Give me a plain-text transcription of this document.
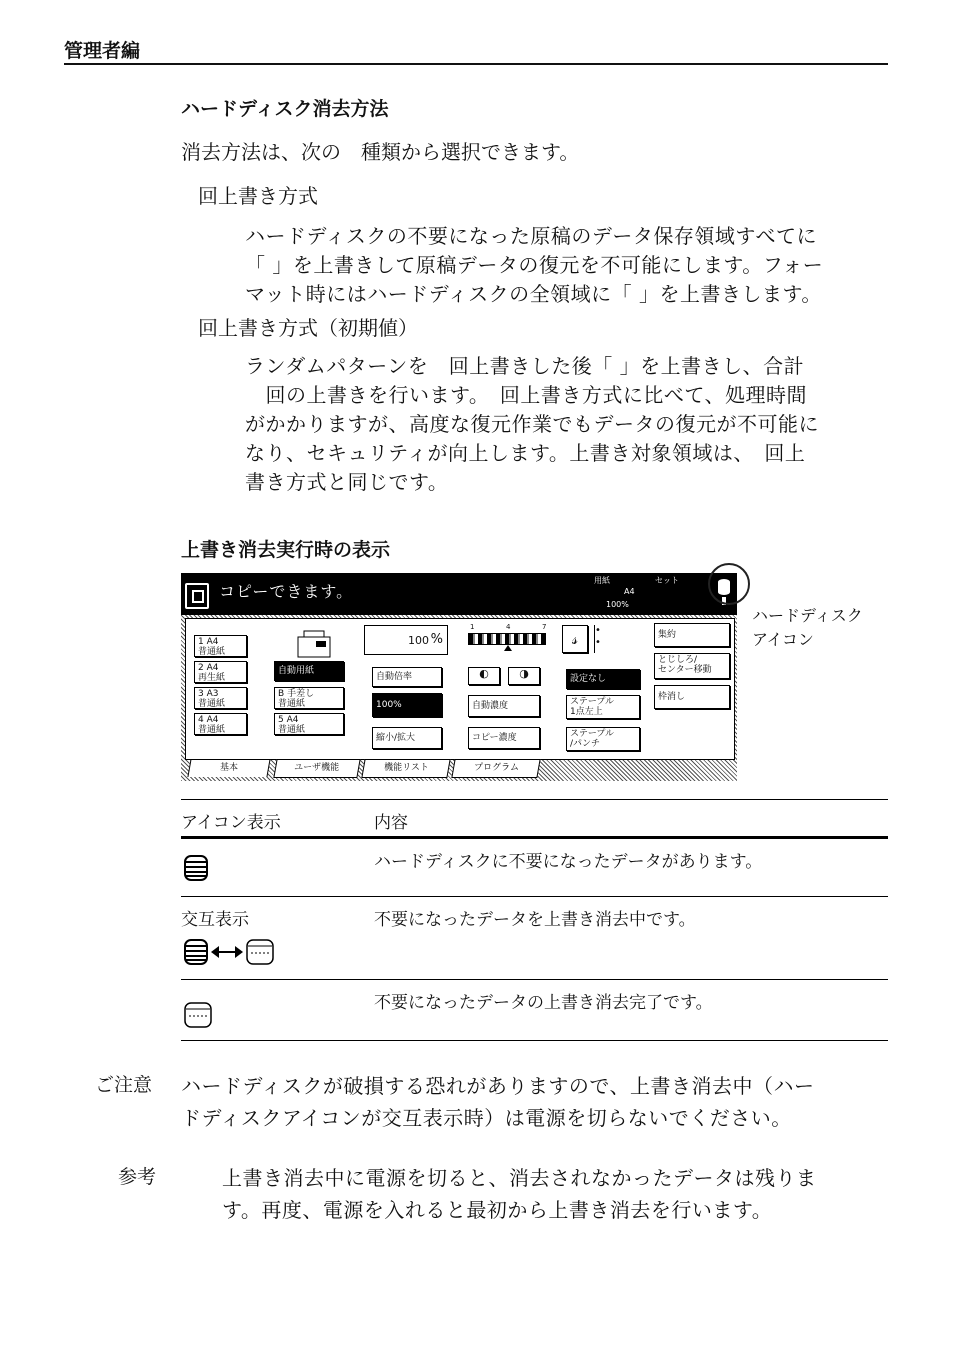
管理者編
ハードディスク消去方法
消去方法は、次の　種類から選択できます。
回上書き方式
ハードディスクの不要になった原稿のデータ保存領域すべてに
「 」を上書きして原稿データの復元を不可能にします。フォー
マット時にはハードディスクの全領域に「 」を上書きします。
回上書き方式（初期値）
ランダムパターンを　回上書きした後「 」を上書きし、合計
　回の上書きを行います。　回上書き方式に比べて、処理時間
がかかりますが、高度な復元作業でもデータの復元が不可能に
なり、セキュリティが向上します。上書き対象領域は、　回上
書き方式と同じです。
上書き消去実行時の表示
コピーできます。
用紙	セット
A4
100%
1 A4
普通紙
2 A4
再生紙
3 A3
普通紙
4 A4
普通紙
自動用紙
B 手差し
普通紙
5 A4
普通紙
100 %
自動倍率
100%
縮小/拡大
1	4	7
◐	◑
自動濃度
コピー濃度
𝓈	•
•
設定なし
ステープル
1点左上
ステープル
/パンチ
集約
とじしろ/
センター移動
枠消し
基本	ユーザ機能	機能リスト	プログラム
ハードディスク
アイコン
アイコン表示	内容
ハードディスクに不要になったデータがあります。
交互表示	不要になったデータを上書き消去中です。
不要になったデータの上書き消去完了です。
ご注意 ハードディスクが破損する恐れがありますので、上書き消去中（ハー
ドディスクアイコンが交互表示時）は電源を切らないでください。
参考	上書き消去中に電源を切ると、消去されなかったデータは残りま
す。再度、電源を入れると最初から上書き消去を行います。
